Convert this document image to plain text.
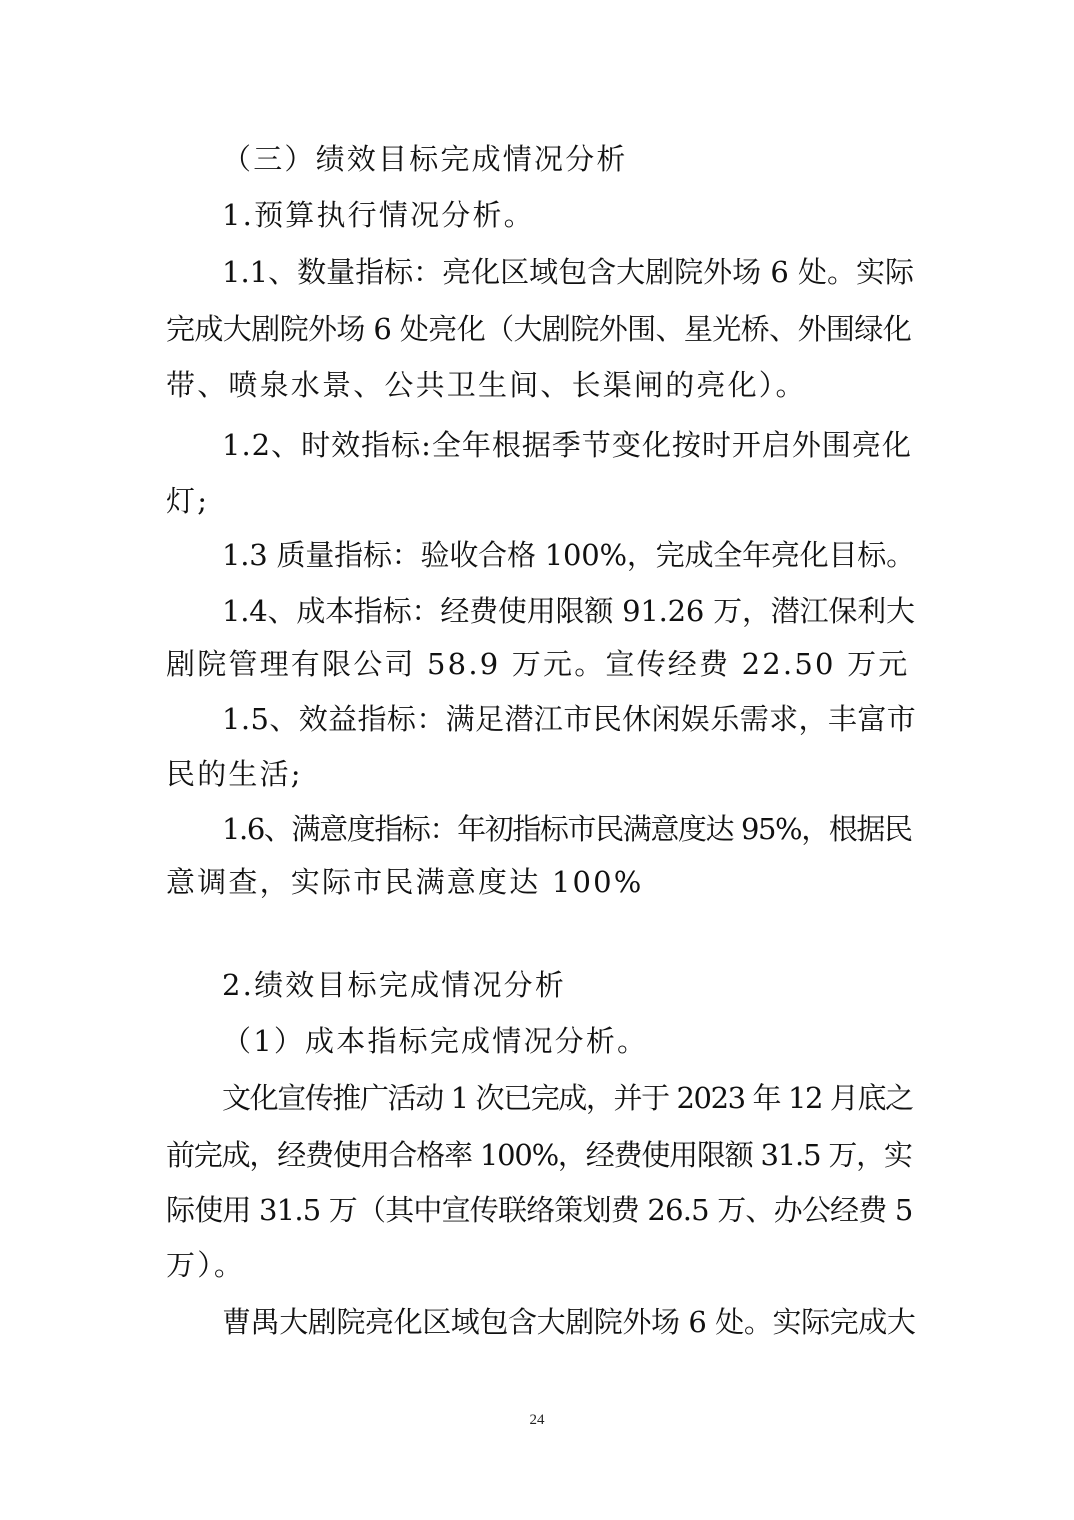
（三）绩效目标完成情况分析
1.预算执行情况分析。
1.1、数量指标：亮化区域包含大剧院外场 6 处。实际
完成大剧院外场 6 处亮化（大剧院外围、星光桥、外围绿化
带、喷泉水景、公共卫生间、长渠闸的亮化）。
1.2、时效指标:全年根据季节变化按时开启外围亮化
灯;
1.3 质量指标：验收合格 100%，完成全年亮化目标。
1.4、成本指标：经费使用限额 91.26 万，潜江保利大
剧院管理有限公司 58.9 万元。宣传经费 22.50 万元
1.5、效益指标：满足潜江市民休闲娱乐需求，丰富市
民的生活;
1.6、满意度指标：年初指标市民满意度达 95%，根据民
意调查，实际市民满意度达 100%
2.绩效目标完成情况分析
（1）成本指标完成情况分析。
文化宣传推广活动 1 次已完成，并于 2023 年 12 月底之
前完成，经费使用合格率 100%，经费使用限额 31.5 万，实
际使用 31.5 万（其中宣传联络策划费 26.5 万、办公经费 5
万）。
曹禺大剧院亮化区域包含大剧院外场 6 处。实际完成大
24
